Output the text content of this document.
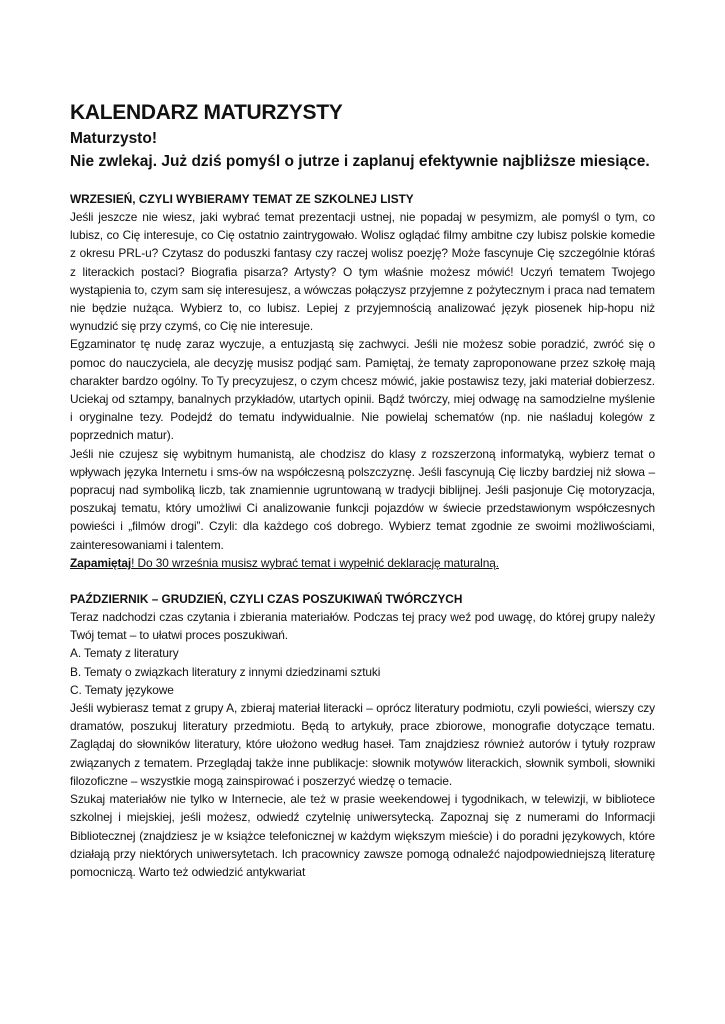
KALENDARZ MATURZYSTY
Maturzysto!
Nie zwlekaj. Już dziś pomyśl o jutrze i zaplanuj efektywnie najbliższe miesiące.
WRZESIEŃ, CZYLI WYBIERAMY TEMAT ZE SZKOLNEJ LISTY

Jeśli jeszcze nie wiesz, jaki wybrać temat prezentacji ustnej, nie popadaj w pesymizm, ale pomyśl o tym, co lubisz, co Cię interesuje, co Cię ostatnio zaintrygowało. Wolisz oglądać filmy ambitne czy lubisz polskie komedie z okresu PRL-u? Czytasz do poduszki fantasy czy raczej wolisz poezję? Może fascynuje Cię szczególnie któraś z literackich postaci? Biografia pisarza? Artysty? O tym właśnie możesz mówić! Uczyń tematem Twojego wystąpienia to, czym sam się interesujesz, a wówczas połączysz przyjemne z pożytecznym i praca nad tematem nie będzie nużąca. Wybierz to, co lubisz. Lepiej z przyjemnością analizować język piosenek hip-hopu niż wynudzić się przy czymś, co Cię nie interesuje.

Egzaminator tę nudę zaraz wyczuje, a entuzjastą się zachwyci. Jeśli nie możesz sobie poradzić, zwróć się o pomoc do nauczyciela, ale decyzję musisz podjąć sam. Pamiętaj, że tematy zaproponowane przez szkołę mają charakter bardzo ogólny. To Ty precyzujesz, o czym chcesz mówić, jakie postawisz tezy, jaki materiał dobierzesz. Uciekaj od sztampy, banalnych przykładów, utartych opinii. Bądź twórczy, miej odwagę na samodzielne myślenie i oryginalne tezy. Podejdź do tematu indywidualnie. Nie powielaj schematów (np. nie naśladuj kolegów z poprzednich matur).

Jeśli nie czujesz się wybitnym humanistą, ale chodzisz do klasy z rozszerzoną informatyką, wybierz temat o wpływach języka Internetu i sms-ów na współczesną polszczyznę. Jeśli fascynują Cię liczby bardziej niż słowa – popracuj nad symboliką liczb, tak znamiennie ugruntowaną w tradycji biblijnej. Jeśli pasjonuje Cię motoryzacja, poszukaj tematu, który umożliwi Ci analizowanie funkcji pojazdów w świecie przedstawionym współczesnych powieści i „filmów drogi”. Czyli: dla każdego coś dobrego. Wybierz temat zgodnie ze swoimi możliwościami, zainteresowaniami i talentem.

Zapamiętaj! Do 30 września musisz wybrać temat i wypełnić deklarację maturalną.

PAŹDZIERNIK – GRUDZIEŃ, CZYLI CZAS POSZUKIWAŃ TWÓRCZYCH

Teraz nadchodzi czas czytania i zbierania materiałów. Podczas tej pracy weź pod uwagę, do której grupy należy Twój temat – to ułatwi proces poszukiwań.

A. Tematy z literatury

B. Tematy o związkach literatury z innymi dziedzinami sztuki

C. Tematy językowe

Jeśli wybierasz temat z grupy A, zbieraj materiał literacki – oprócz literatury podmiotu, czyli powieści, wierszy czy dramatów, poszukuj literatury przedmiotu. Będą to artykuły, prace zbiorowe, monografie dotyczące tematu. Zaglądaj do słowników literatury, które ułożono według haseł. Tam znajdziesz również autorów i tytuły rozpraw związanych z tematem. Przeglądaj także inne publikacje: słownik motywów literackich, słownik symboli, słowniki filozoficzne – wszystkie mogą zainspirować i poszerzyć wiedzę o temacie.

Szukaj materiałów nie tylko w Internecie, ale też w prasie weekendowej i tygodnikach, w telewizji, w bibliotece szkolnej i miejskiej, jeśli możesz, odwiedź czytelnię uniwersytecką. Zapoznaj się z numerami do Informacji Bibliotecznej (znajdziesz je w książce telefonicznej w każdym większym mieście) i do poradni językowych, które działają przy niektórych uniwersytetach. Ich pracownicy zawsze pomogą odnaleźć najodpowiedniejszą literaturę pomocniczą. Warto też odwiedzić antykwariat
